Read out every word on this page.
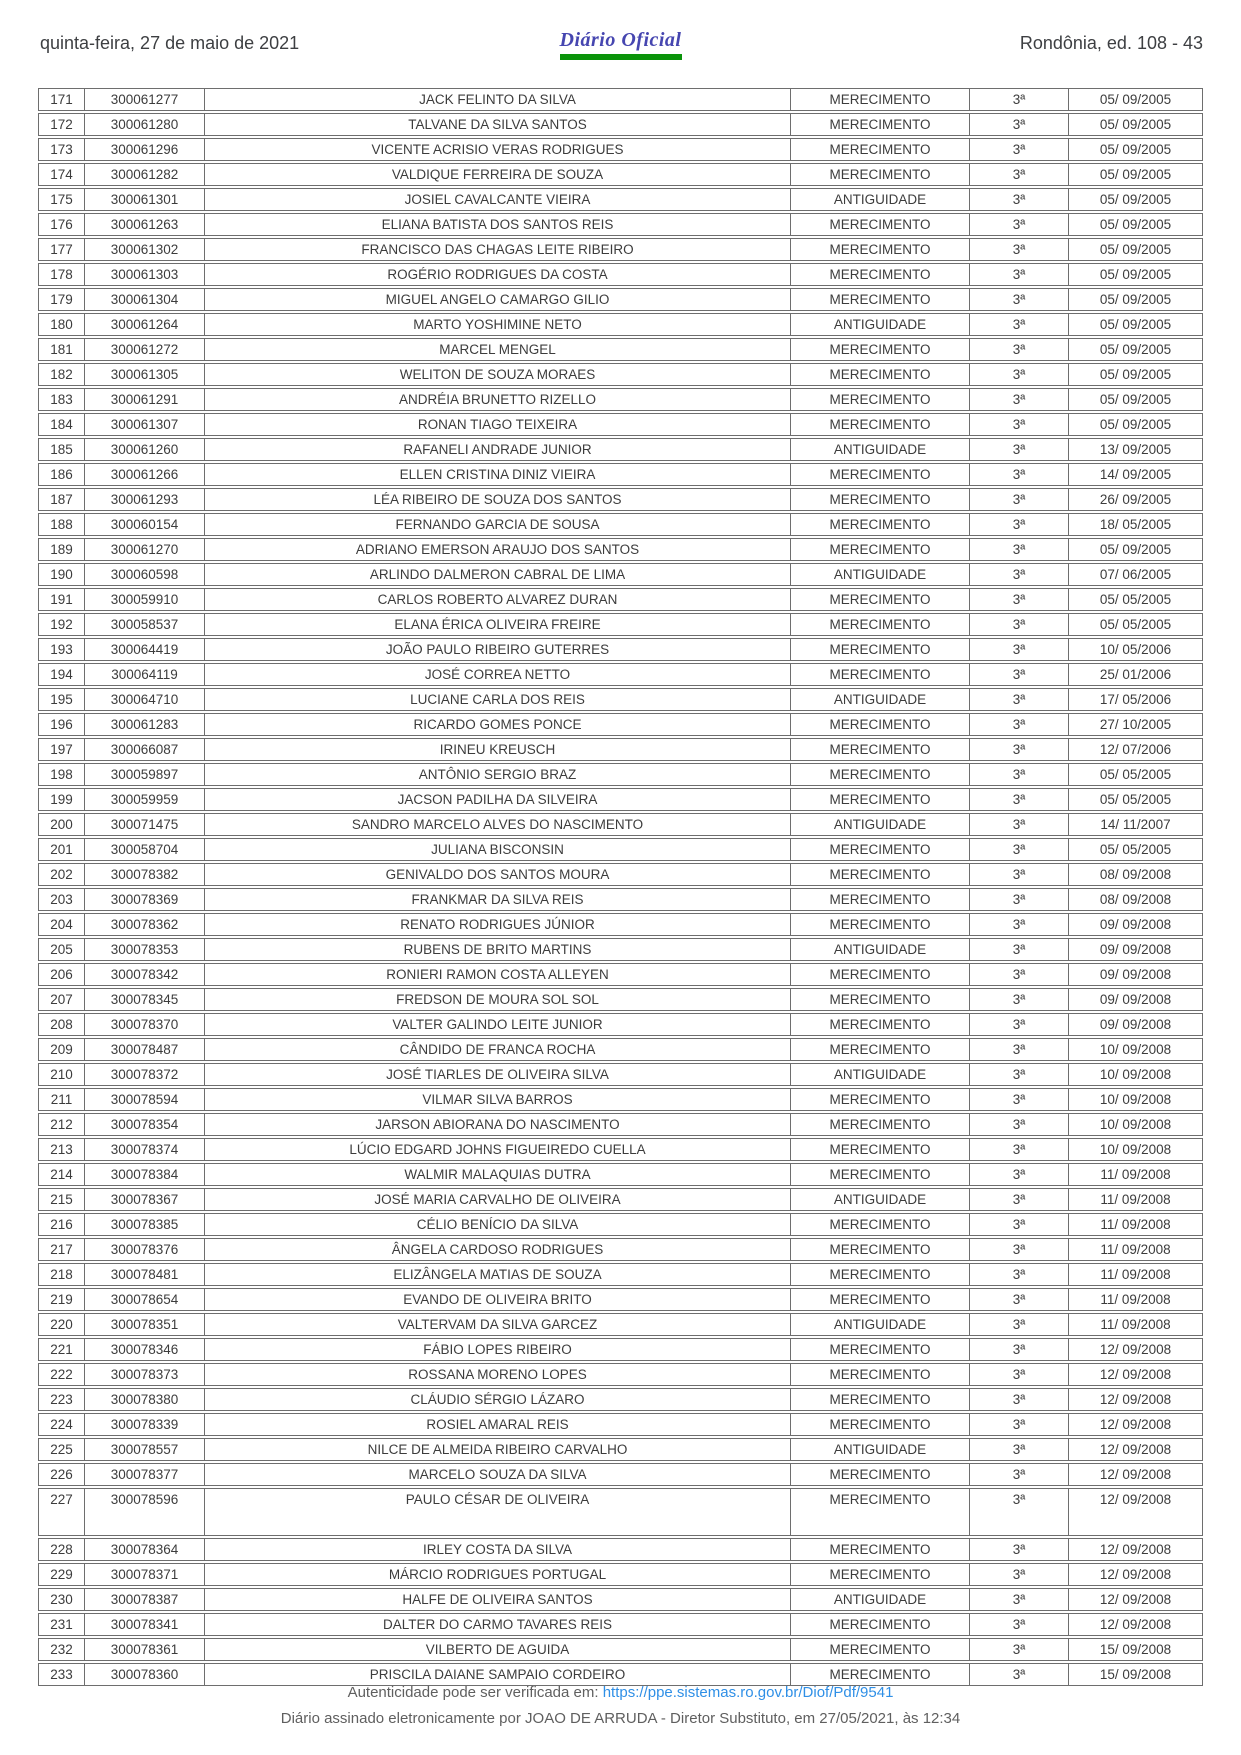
quinta-feira, 27 de maio de 2021	Diário Oficial	Rondônia, ed. 108 - 43
171	300061277	JACK FELINTO DA SILVA	MERECIMENTO	3ª	05/ 09/2005
172	300061280	TALVANE DA SILVA SANTOS	MERECIMENTO	3ª	05/ 09/2005
173	300061296	VICENTE ACRISIO VERAS RODRIGUES	MERECIMENTO	3ª	05/ 09/2005
174	300061282	VALDIQUE FERREIRA DE SOUZA	MERECIMENTO	3ª	05/ 09/2005
175	300061301	JOSIEL CAVALCANTE VIEIRA	ANTIGUIDADE	3ª	05/ 09/2005
176	300061263	ELIANA BATISTA DOS SANTOS REIS	MERECIMENTO	3ª	05/ 09/2005
177	300061302	FRANCISCO DAS CHAGAS LEITE RIBEIRO	MERECIMENTO	3ª	05/ 09/2005
178	300061303	ROGÉRIO RODRIGUES DA COSTA	MERECIMENTO	3ª	05/ 09/2005
179	300061304	MIGUEL ANGELO CAMARGO GILIO	MERECIMENTO	3ª	05/ 09/2005
180	300061264	MARTO YOSHIMINE NETO	ANTIGUIDADE	3ª	05/ 09/2005
181	300061272	MARCEL MENGEL	MERECIMENTO	3ª	05/ 09/2005
182	300061305	WELITON DE SOUZA MORAES	MERECIMENTO	3ª	05/ 09/2005
183	300061291	ANDRÉIA BRUNETTO RIZELLO	MERECIMENTO	3ª	05/ 09/2005
184	300061307	RONAN TIAGO TEIXEIRA	MERECIMENTO	3ª	05/ 09/2005
185	300061260	RAFANELI ANDRADE JUNIOR	ANTIGUIDADE	3ª	13/ 09/2005
186	300061266	ELLEN CRISTINA DINIZ VIEIRA	MERECIMENTO	3ª	14/ 09/2005
187	300061293	LÉA RIBEIRO DE SOUZA DOS SANTOS	MERECIMENTO	3ª	26/ 09/2005
188	300060154	FERNANDO GARCIA DE SOUSA	MERECIMENTO	3ª	18/ 05/2005
189	300061270	ADRIANO EMERSON ARAUJO DOS SANTOS	MERECIMENTO	3ª	05/ 09/2005
190	300060598	ARLINDO DALMERON CABRAL DE LIMA	ANTIGUIDADE	3ª	07/ 06/2005
191	300059910	CARLOS ROBERTO ALVAREZ DURAN	MERECIMENTO	3ª	05/ 05/2005
192	300058537	ELANA ÉRICA OLIVEIRA FREIRE	MERECIMENTO	3ª	05/ 05/2005
193	300064419	JOÃO PAULO RIBEIRO GUTERRES	MERECIMENTO	3ª	10/ 05/2006
194	300064119	JOSÉ CORREA NETTO	MERECIMENTO	3ª	25/ 01/2006
195	300064710	LUCIANE CARLA DOS REIS	ANTIGUIDADE	3ª	17/ 05/2006
196	300061283	RICARDO GOMES PONCE	MERECIMENTO	3ª	27/ 10/2005
197	300066087	IRINEU KREUSCH	MERECIMENTO	3ª	12/ 07/2006
198	300059897	ANTÔNIO SERGIO BRAZ	MERECIMENTO	3ª	05/ 05/2005
199	300059959	JACSON PADILHA DA SILVEIRA	MERECIMENTO	3ª	05/ 05/2005
200	300071475	SANDRO MARCELO ALVES DO NASCIMENTO	ANTIGUIDADE	3ª	14/ 11/2007
201	300058704	JULIANA BISCONSIN	MERECIMENTO	3ª	05/ 05/2005
202	300078382	GENIVALDO DOS SANTOS MOURA	MERECIMENTO	3ª	08/ 09/2008
203	300078369	FRANKMAR DA SILVA REIS	MERECIMENTO	3ª	08/ 09/2008
204	300078362	RENATO RODRIGUES JÚNIOR	MERECIMENTO	3ª	09/ 09/2008
205	300078353	RUBENS DE BRITO MARTINS	ANTIGUIDADE	3ª	09/ 09/2008
206	300078342	RONIERI RAMON COSTA ALLEYEN	MERECIMENTO	3ª	09/ 09/2008
207	300078345	FREDSON DE MOURA SOL SOL	MERECIMENTO	3ª	09/ 09/2008
208	300078370	VALTER GALINDO LEITE JUNIOR	MERECIMENTO	3ª	09/ 09/2008
209	300078487	CÂNDIDO DE FRANCA ROCHA	MERECIMENTO	3ª	10/ 09/2008
210	300078372	JOSÉ TIARLES DE OLIVEIRA SILVA	ANTIGUIDADE	3ª	10/ 09/2008
211	300078594	VILMAR SILVA BARROS	MERECIMENTO	3ª	10/ 09/2008
212	300078354	JARSON ABIORANA DO NASCIMENTO	MERECIMENTO	3ª	10/ 09/2008
213	300078374	LÚCIO EDGARD JOHNS FIGUEIREDO CUELLA	MERECIMENTO	3ª	10/ 09/2008
214	300078384	WALMIR MALAQUIAS DUTRA	MERECIMENTO	3ª	11/ 09/2008
215	300078367	JOSÉ MARIA CARVALHO DE OLIVEIRA	ANTIGUIDADE	3ª	11/ 09/2008
216	300078385	CÉLIO BENÍCIO DA SILVA	MERECIMENTO	3ª	11/ 09/2008
217	300078376	ÂNGELA CARDOSO RODRIGUES	MERECIMENTO	3ª	11/ 09/2008
218	300078481	ELIZÂNGELA MATIAS DE SOUZA	MERECIMENTO	3ª	11/ 09/2008
219	300078654	EVANDO DE OLIVEIRA BRITO	MERECIMENTO	3ª	11/ 09/2008
220	300078351	VALTERVAM DA SILVA GARCEZ	ANTIGUIDADE	3ª	11/ 09/2008
221	300078346	FÁBIO LOPES RIBEIRO	MERECIMENTO	3ª	12/ 09/2008
222	300078373	ROSSANA MORENO LOPES	MERECIMENTO	3ª	12/ 09/2008
223	300078380	CLÁUDIO SÉRGIO LÁZARO	MERECIMENTO	3ª	12/ 09/2008
224	300078339	ROSIEL AMARAL REIS	MERECIMENTO	3ª	12/ 09/2008
225	300078557	NILCE DE ALMEIDA RIBEIRO CARVALHO	ANTIGUIDADE	3ª	12/ 09/2008
226	300078377	MARCELO SOUZA DA SILVA	MERECIMENTO	3ª	12/ 09/2008
227	300078596	PAULO CÉSAR DE OLIVEIRA	MERECIMENTO	3ª	12/ 09/2008
228	300078364	IRLEY COSTA DA SILVA	MERECIMENTO	3ª	12/ 09/2008
229	300078371	MÁRCIO RODRIGUES PORTUGAL	MERECIMENTO	3ª	12/ 09/2008
230	300078387	HALFE DE OLIVEIRA SANTOS	ANTIGUIDADE	3ª	12/ 09/2008
231	300078341	DALTER DO CARMO TAVARES REIS	MERECIMENTO	3ª	12/ 09/2008
232	300078361	VILBERTO DE AGUIDA	MERECIMENTO	3ª	15/ 09/2008
233	300078360	PRISCILA DAIANE SAMPAIO CORDEIRO	MERECIMENTO	3ª	15/ 09/2008
Autenticidade pode ser verificada em: https://ppe.sistemas.ro.gov.br/Diof/Pdf/9541
Diário assinado eletronicamente por JOAO DE ARRUDA - Diretor Substituto, em 27/05/2021, às 12:34
